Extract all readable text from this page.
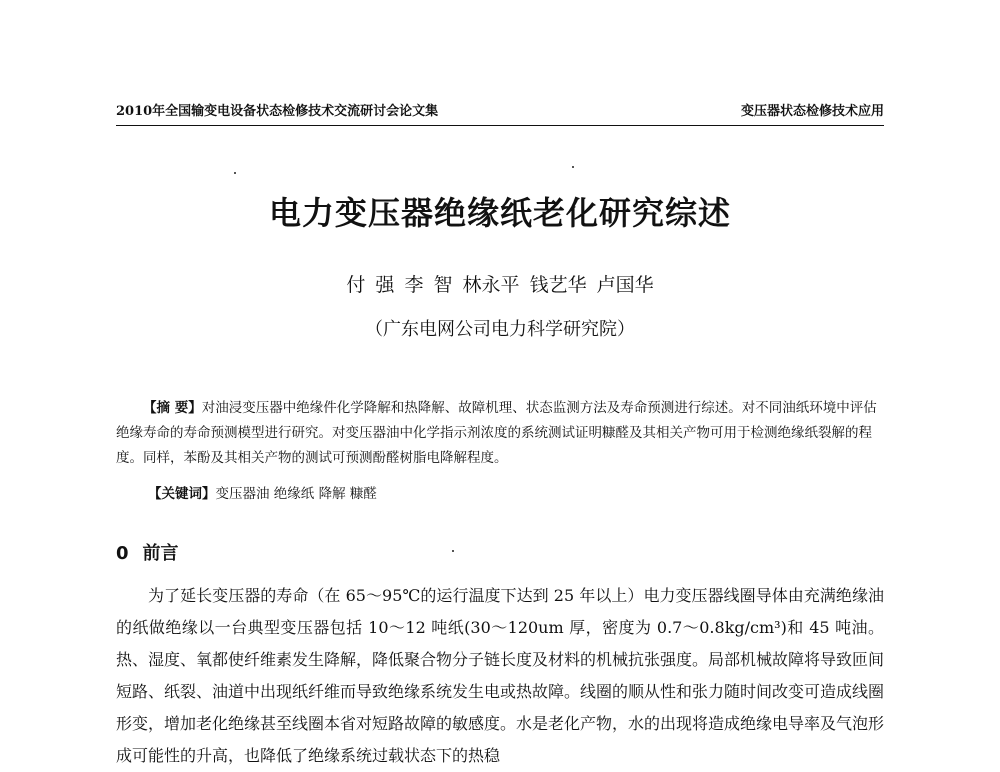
2010年全国输变电设备状态检修技术交流研讨会论文集	变压器状态检修技术应用
电力变压器绝缘纸老化研究综述
付 强 李 智 林永平 钱艺华 卢国华
（广东电网公司电力科学研究院）
【摘 要】对油浸变压器中绝缘件化学降解和热降解、故障机理、状态监测方法及寿命预测进行综述。对不同油纸环境中评估绝缘寿命的寿命预测模型进行研究。对变压器油中化学指示剂浓度的系统测试证明糠醛及其相关产物可用于检测绝缘纸裂解的程度。同样，苯酚及其相关产物的测试可预测酚醛树脂电降解程度。
【关键词】变压器油 绝缘纸 降解 糠醛
0 前言
为了延长变压器的寿命（在 65～95℃的运行温度下达到 25 年以上）电力变压器线圈导体由充满绝缘油的纸做绝缘以一台典型变压器包括 10～12 吨纸(30～120um 厚，密度为 0.7～0.8kg/cm³)和 45 吨油。热、湿度、氧都使纤维素发生降解，降低聚合物分子链长度及材料的机械抗张强度。局部机械故障将导致匝间短路、纸裂、油道中出现纸纤维而导致绝缘系统发生电或热故障。线圈的顺从性和张力随时间改变可造成线圈形变，增加老化绝缘甚至线圈本省对短路故障的敏感度。水是老化产物，水的出现将造成绝缘电导率及气泡形成可能性的升高，也降低了绝缘系统过载状态下的热稳
